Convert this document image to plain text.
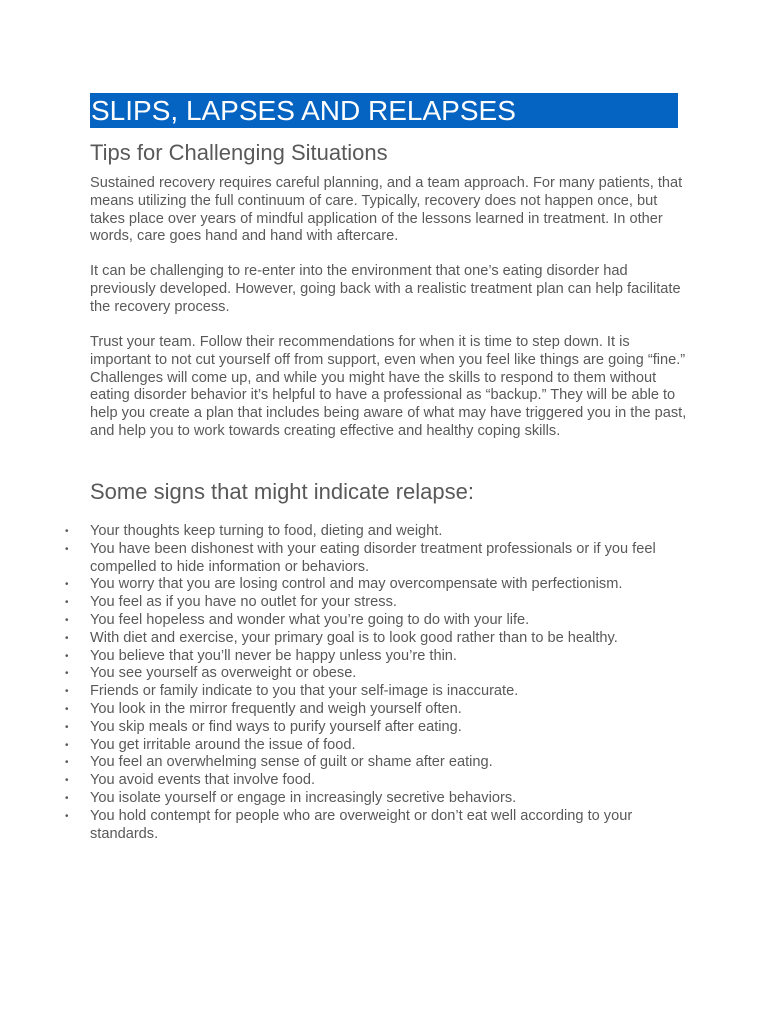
SLIPS, LAPSES AND RELAPSES
Tips for Challenging Situations

Sustained recovery requires careful planning, and a team approach. For many patients, that means utilizing the full continuum of care. Typically, recovery does not happen once, but takes place over years of mindful application of the lessons learned in treatment. In other words, care goes hand and hand with aftercare.

It can be challenging to re-enter into the environment that one’s eating disorder had previously developed. However, going back with a realistic treatment plan can help facilitate the recovery process.

Trust your team. Follow their recommendations for when it is time to step down. It is important to not cut yourself off from support, even when you feel like things are going “fine.” Challenges will come up, and while you might have the skills to respond to them without eating disorder behavior it’s helpful to have a professional as “backup.” They will be able to help you create a plan that includes being aware of what may have triggered you in the past, and help you to work towards creating effective and healthy coping skills.

Some signs that might indicate relapse:
• Your thoughts keep turning to food, dieting and weight.
• You have been dishonest with your eating disorder treatment professionals or if you feel compelled to hide information or behaviors.
• You worry that you are losing control and may overcompensate with perfectionism.
• You feel as if you have no outlet for your stress.
• You feel hopeless and wonder what you’re going to do with your life.
• With diet and exercise, your primary goal is to look good rather than to be healthy.
• You believe that you’ll never be happy unless you’re thin.
• You see yourself as overweight or obese.
• Friends or family indicate to you that your self-image is inaccurate.
• You look in the mirror frequently and weigh yourself often.
• You skip meals or find ways to purify yourself after eating.
• You get irritable around the issue of food.
• You feel an overwhelming sense of guilt or shame after eating.
• You avoid events that involve food.
• You isolate yourself or engage in increasingly secretive behaviors.
• You hold contempt for people who are overweight or don’t eat well according to your standards.
